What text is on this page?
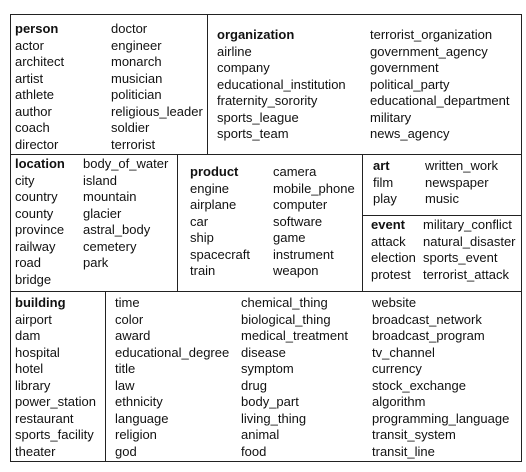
person
actor
architect
artist
athlete
author
coach
director
doctor
engineer
monarch
musician
politician
religious_leader
soldier
terrorist
organization
airline
company
educational_institution
fraternity_sorority
sports_league
sports_team
terrorist_organization
government_agency
government
political_party
educational_department
military
news_agency
location
city
country
county
province
railway
road
bridge
body_of_water
island
mountain
glacier
astral_body
cemetery
park
product
engine
airplane
car
ship
spacecraft
train
camera
mobile_phone
computer
software
game
instrument
weapon
art
film
play
written_work
newspaper
music
event
attack
election
protest
military_conflict
natural_disaster
sports_event
terrorist_attack
building
airport
dam
hospital
hotel
library
power_station
restaurant
sports_facility
theater
time
color
award
educational_degree
title
law
ethnicity
language
religion
god
chemical_thing
biological_thing
medical_treatment
disease
symptom
drug
body_part
living_thing
animal
food
website
broadcast_network
broadcast_program
tv_channel
currency
stock_exchange
algorithm
programming_language
transit_system
transit_line
